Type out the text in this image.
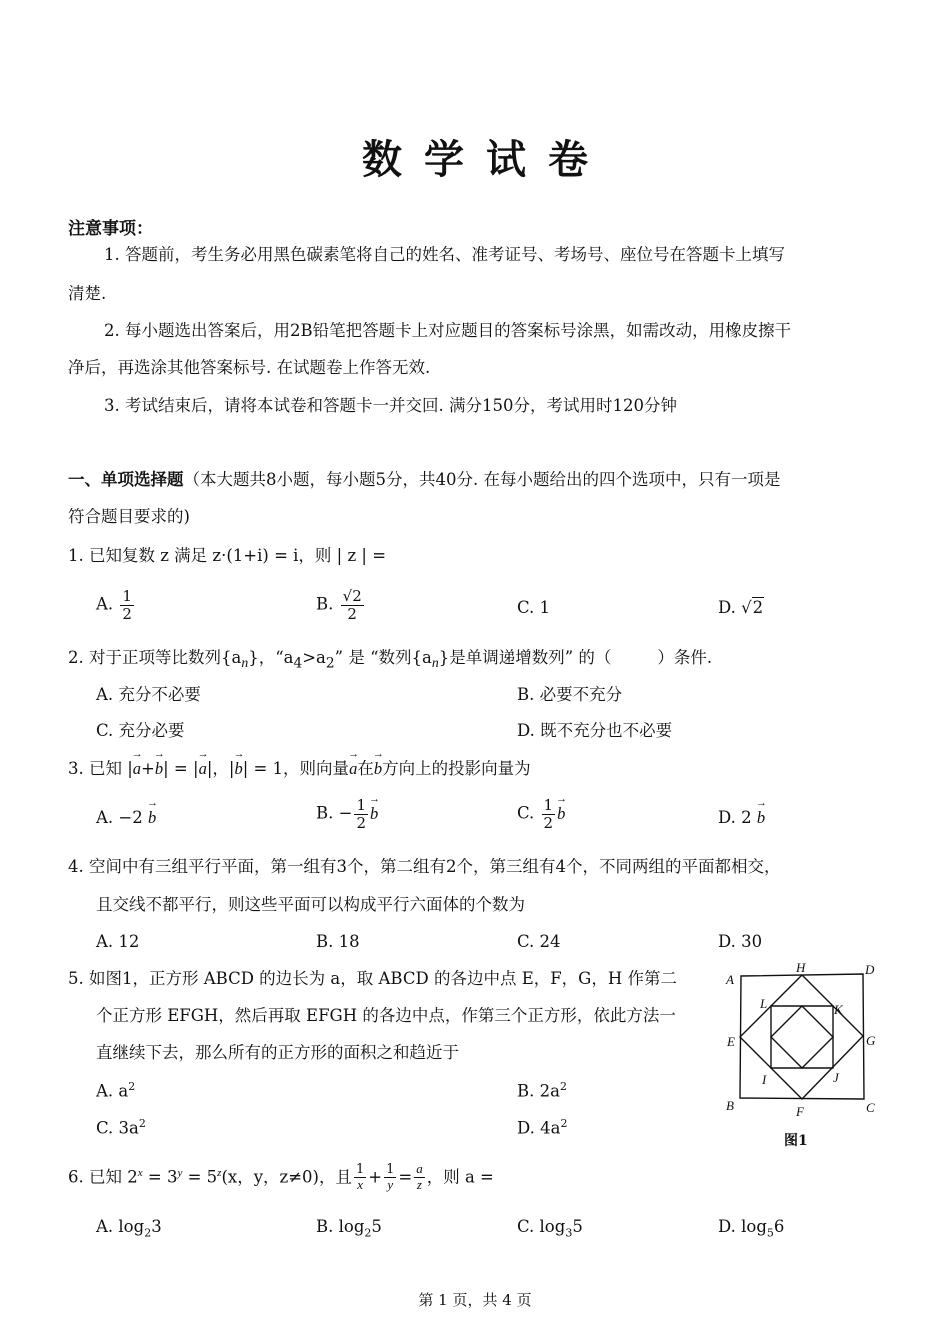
数学试卷
注意事项：
1. 答题前，考生务必用黑色碳素笔将自己的姓名、准考证号、考场号、座位号在答题卡上填写
清楚.
2. 每小题选出答案后，用2B铅笔把答题卡上对应题目的答案标号涂黑，如需改动，用橡皮擦干
净后，再选涂其他答案标号. 在试题卷上作答无效.
3. 考试结束后，请将本试卷和答题卡一并交回. 满分150分，考试用时120分钟
一、单项选择题（本大题共8小题，每小题5分，共40分. 在每小题给出的四个选项中，只有一项是
符合题目要求的)
1. 已知复数 z 满足 z·(1+i) = i，则 | z | =
A. $\frac{1}{2}$	B. $\frac{√2}{2}$	C. 1	D. √2
2. 对于正项等比数列$\{a_n\}$，“$a_4>a_2$” 是 “数列$\{a_n\}$是单调递增数列” 的（	）条件.
A. 充分不必要	B. 必要不充分
C. 充分必要	D. 既不充分也不必要
3. 已知 |→ a+→ b| = |→ a|，|→ b| = 1，则向量→ a在→ b方向上的投影向量为
A. −2 → b	B. − $\frac{1}{2}$
→ b	C. $\frac{1}{2}$
→ b	D. 2 → b
4. 空间中有三组平行平面，第一组有3个，第二组有2个，第三组有4个，不同两组的平面都相交，
且交线不都平行，则这些平面可以构成平行六面体的个数为
A. 12	B. 18	C. 24	D. 30
5. 如图1，正方形 ABCD 的边长为 a，取 ABCD 的各边中点 E，F，G，H 作第二
个正方形 EFGH，然后再取 EFGH 的各边中点，作第三个正方形，依此方法一
直继续下去，那么所有的正方形的面积之和趋近于
A. $a^2$	B. $2a^2$
C. $3a^2$	D. $4a^2$
A
H	D
L	K
E	G
I	J
B	F	C
图1
6. 已知 $2^x = 3^y = 5^z(x$，y，z≠0)，且 $\frac{1}{x} + \frac{1}{y} = \frac{a}{z}$ ，则 a =
A. $\log_23$	B. $\log_25$	C. $\log_35$	D. $\log_56$
第 1 页，共 4 页
